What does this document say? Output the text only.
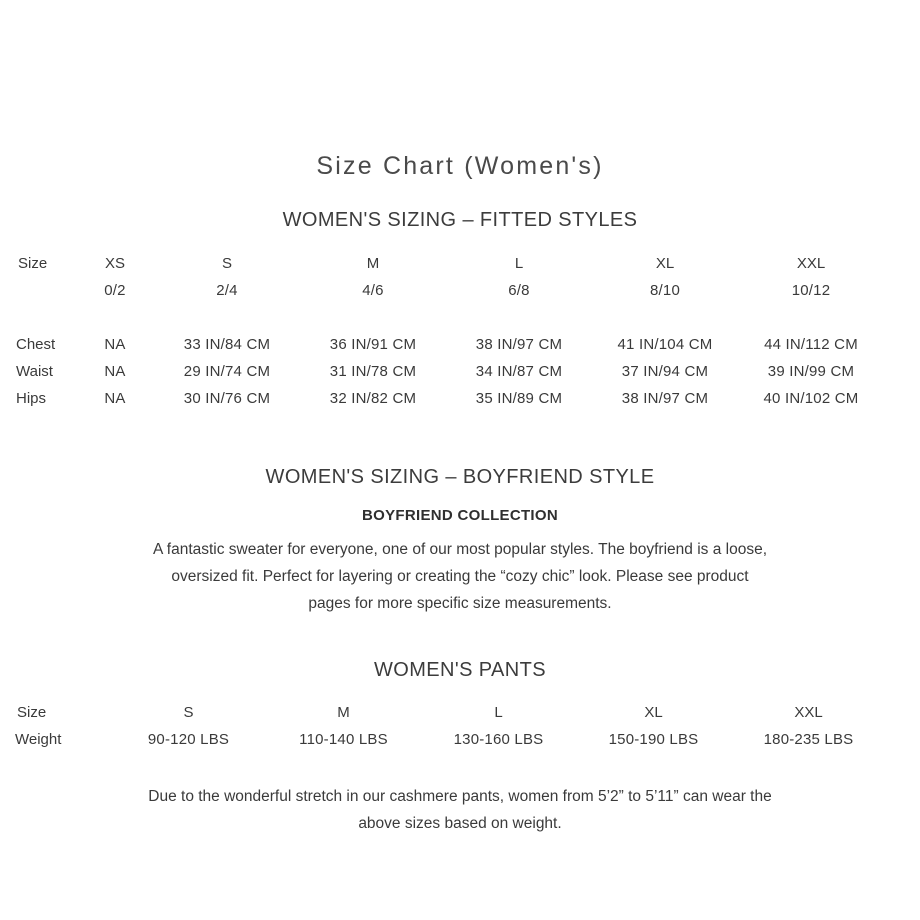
Size Chart (Women's)
WOMEN'S SIZING – FITTED STYLES
Size	XS	S	M	L	XL	XXL
	0/2	2/4	4/6	6/8	8/10	10/12

Chest	NA	33 IN/84 CM	36 IN/91 CM	38 IN/97 CM	41 IN/104 CM	44 IN/112 CM
Waist	NA	29 IN/74 CM	31 IN/78 CM	34 IN/87 CM	37 IN/94 CM	39 IN/99 CM
Hips	NA	30 IN/76 CM	32 IN/82 CM	35 IN/89 CM	38 IN/97 CM	40 IN/102 CM
WOMEN'S SIZING – BOYFRIEND STYLE
BOYFRIEND COLLECTION

A fantastic sweater for everyone, one of our most popular styles. The boyfriend is a loose, oversized fit. Perfect for layering or creating the “cozy chic” look. Please see product pages for more specific size measurements.

WOMEN'S PANTS
Size	S	M	L	XL	XXL
Weight	90-120 LBS	110-140 LBS	130-160 LBS	150-190 LBS	180-235 LBS

Due to the wonderful stretch in our cashmere pants, women from 5’2” to 5’11” can wear the above sizes based on weight.
